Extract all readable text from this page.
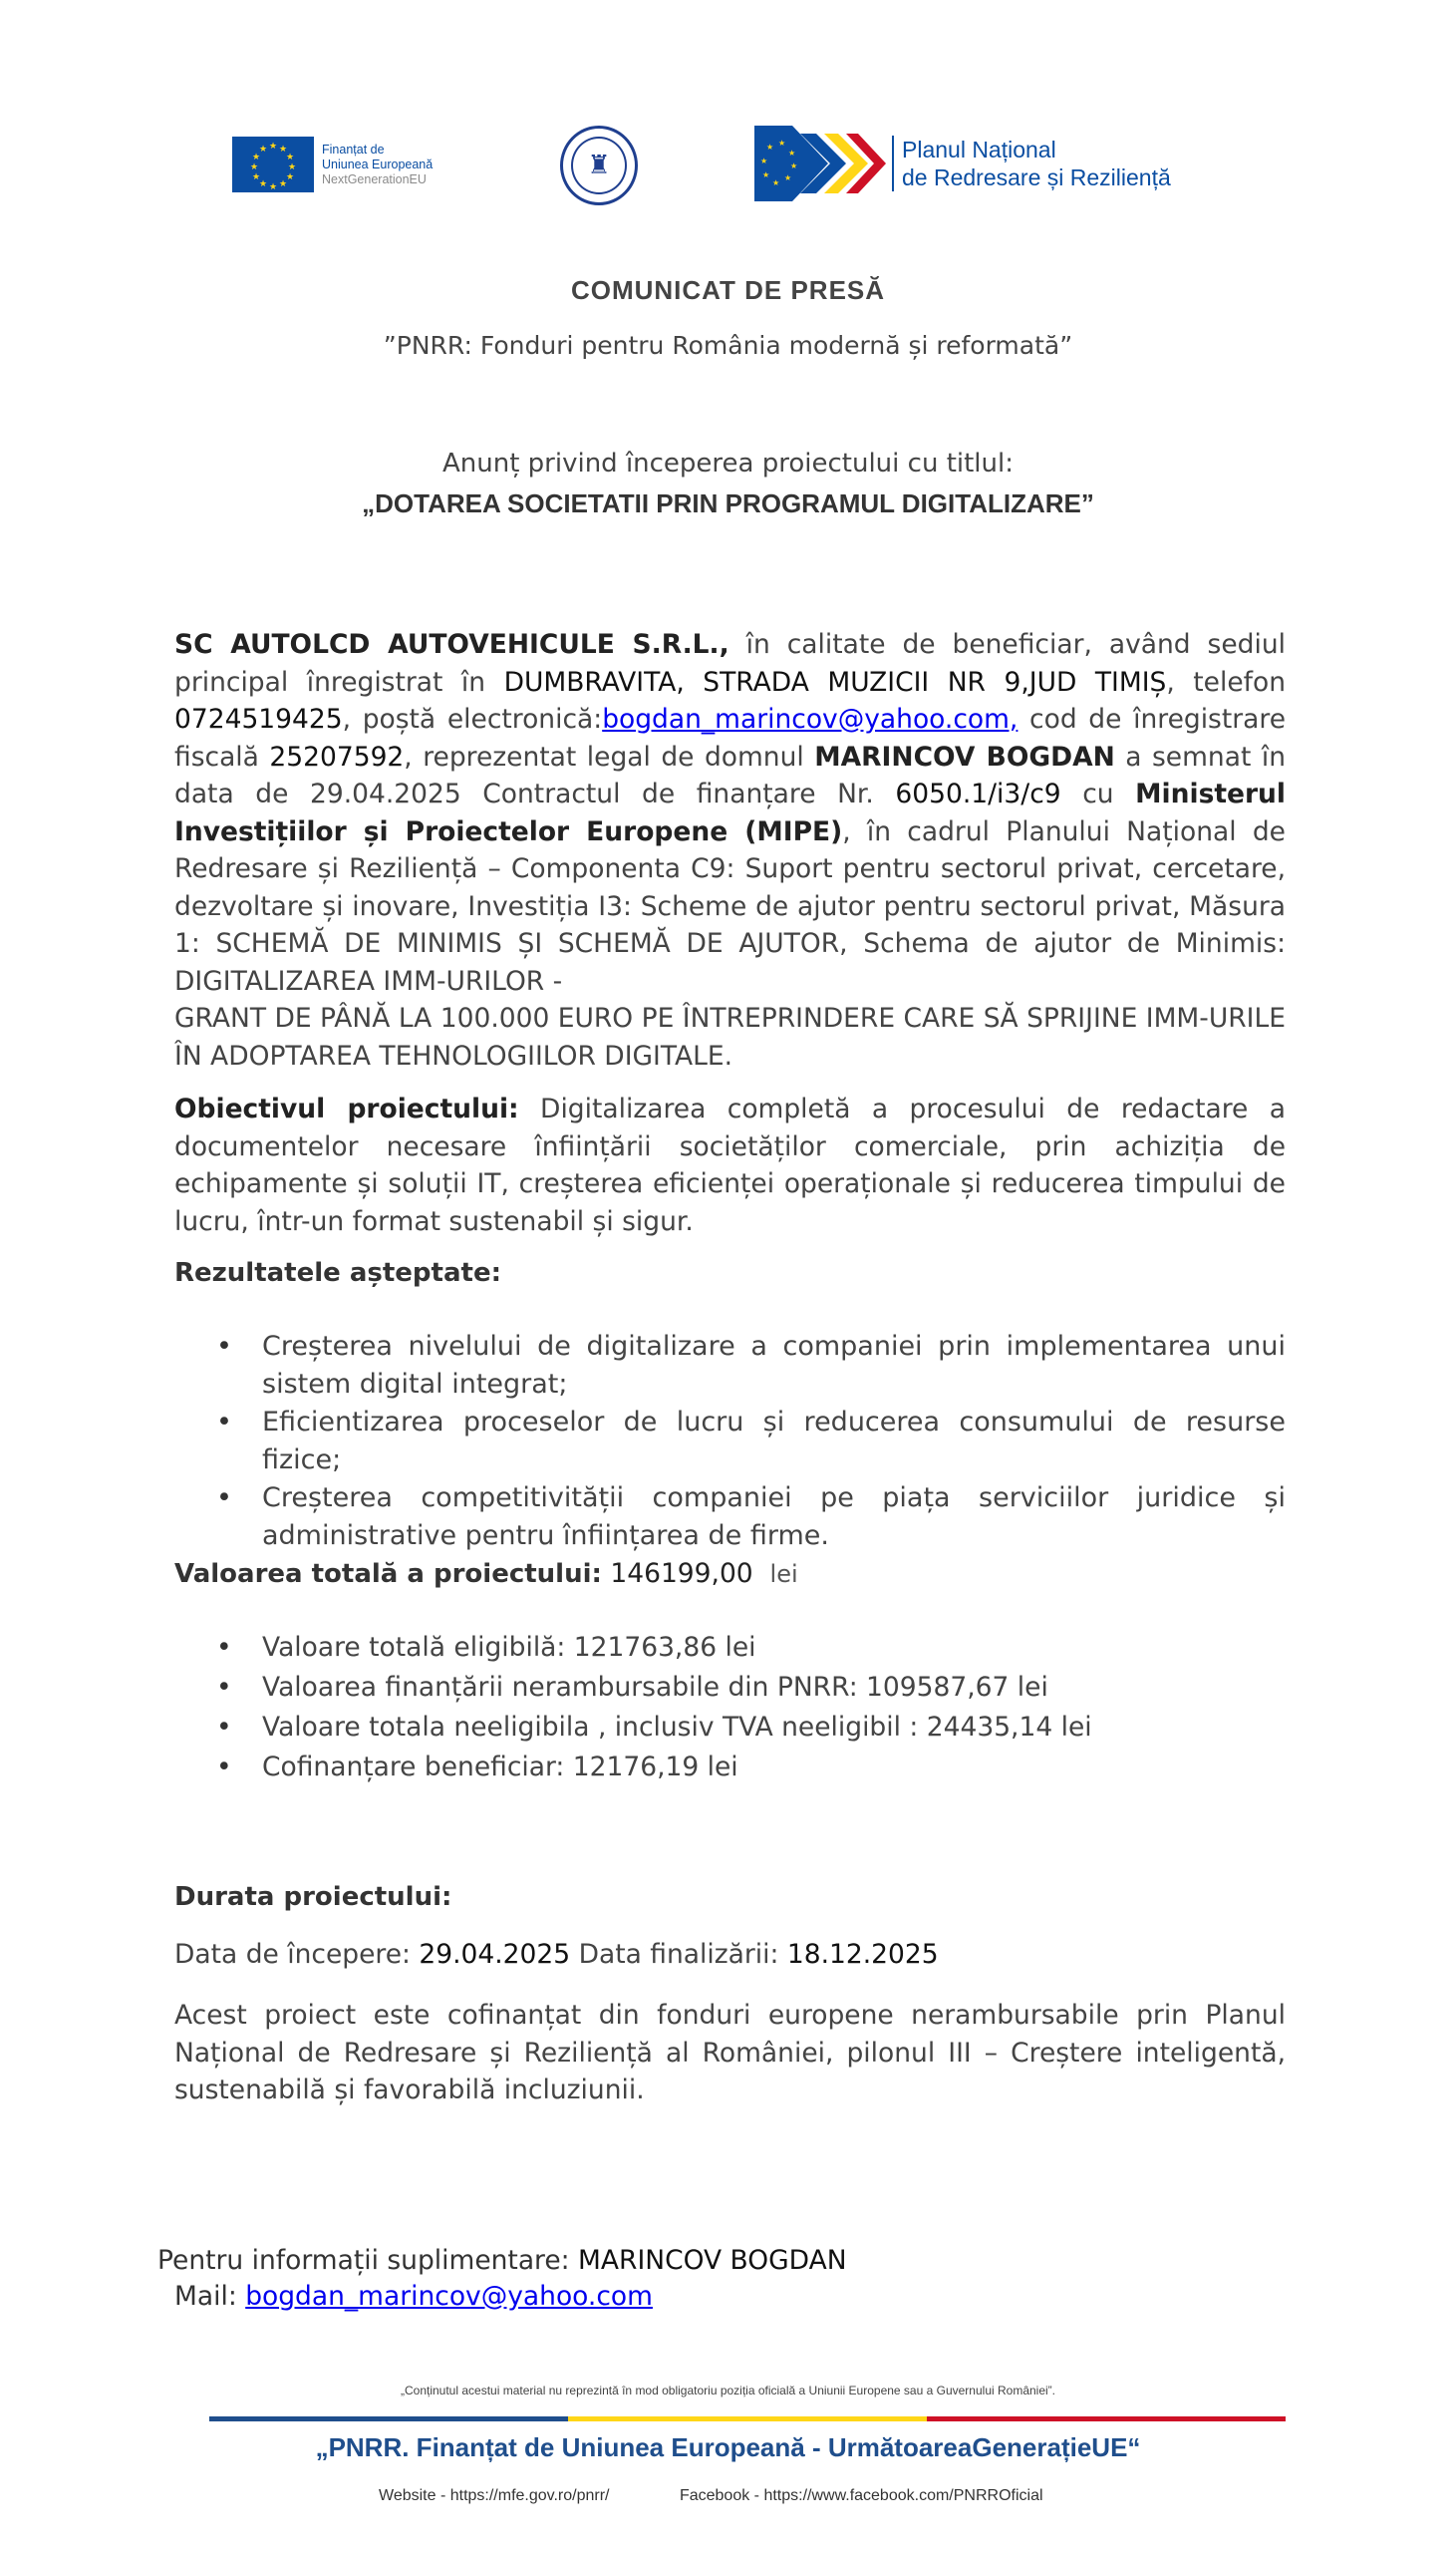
★ ★
★
★
★
★
★
★
★
★
★
★	Finanțat de
Uniunea Europeană
NextGenerationEU	♜
★
★
★
★
★
★
★
★	Planul Național
de Redresare și Reziliență
COMUNICAT DE PRESĂ
”PNRR: Fonduri pentru România modernă și reformată”
Anunț privind începerea proiectului cu titlul:
„DOTAREA SOCIETATII PRIN PROGRAMUL DIGITALIZARE”
SC AUTOLCD AUTOVEHICULE S.R.L., în calitate de beneficiar, având sediul principal înregistrat în DUMBRAVITA, STRADA MUZICII NR 9,JUD TIMIȘ, telefon 0724519425, poștă electronică:bogdan_marincov@yahoo.com, cod de înregistrare fiscală 25207592, reprezentat legal de domnul MARINCOV BOGDAN a semnat în data de 29.04.2025 Contractul de finanțare Nr. 6050.1/i3/c9 cu Ministerul Investițiilor și Proiectelor Europene (MIPE), în cadrul Planului Național de Redresare și Reziliență – Componenta C9: Suport pentru sectorul privat, cercetare, dezvoltare și inovare, Investiția I3: Scheme de ajutor pentru sectorul privat, Măsura 1: SCHEMĂ DE MINIMIS ȘI SCHEMĂ DE AJUTOR, Schema de ajutor de Minimis: DIGITALIZAREA IMM-URILOR -
GRANT DE PÂNĂ LA 100.000 EURO PE ÎNTREPRINDERE CARE SĂ SPRIJINE IMM-URILE ÎN ADOPTAREA TEHNOLOGIILOR DIGITALE.
Obiectivul proiectului: Digitalizarea completă a procesului de redactare a documentelor necesare înființării societăților comerciale, prin achiziția de echipamente și soluții IT, creșterea eficienței operaționale și reducerea timpului de lucru, într-un format sustenabil și sigur.
Rezultatele așteptate:
• Creșterea nivelului de digitalizare a companiei prin implementarea unui sistem digital integrat;
• Eficientizarea proceselor de lucru și reducerea consumului de resurse fizice;
• Creșterea competitivității companiei pe piața serviciilor juridice și administrative pentru înființarea de firme.
Valoarea totală a proiectului: 146199,00 lei
• Valoare totală eligibilă: 121763,86 lei
• Valoarea finanțării nerambursabile din PNRR: 109587,67 lei
• Valoare totala neeligibila , inclusiv TVA neeligibil : 24435,14 lei
• Cofinanțare beneficiar: 12176,19 lei
Durata proiectului:
Data de începere: 29.04.2025 Data finalizării: 18.12.2025
Acest proiect este cofinanțat din fonduri europene nerambursabile prin Planul Național de Redresare și Reziliență al României, pilonul III – Creștere inteligentă, sustenabilă și favorabilă incluziunii.
Pentru informații suplimentare: MARINCOV BOGDAN
Mail: bogdan_marincov@yahoo.com
„Conținutul acestui material nu reprezintă în mod obligatoriu poziția oficială a Uniunii Europene sau a Guvernului României”.
„PNRR. Finanțat de Uniunea Europeană - UrmătoareaGenerațieUE“
Website - https://mfe.gov.ro/pnrr/	Facebook - https://www.facebook.com/PNRROficial
